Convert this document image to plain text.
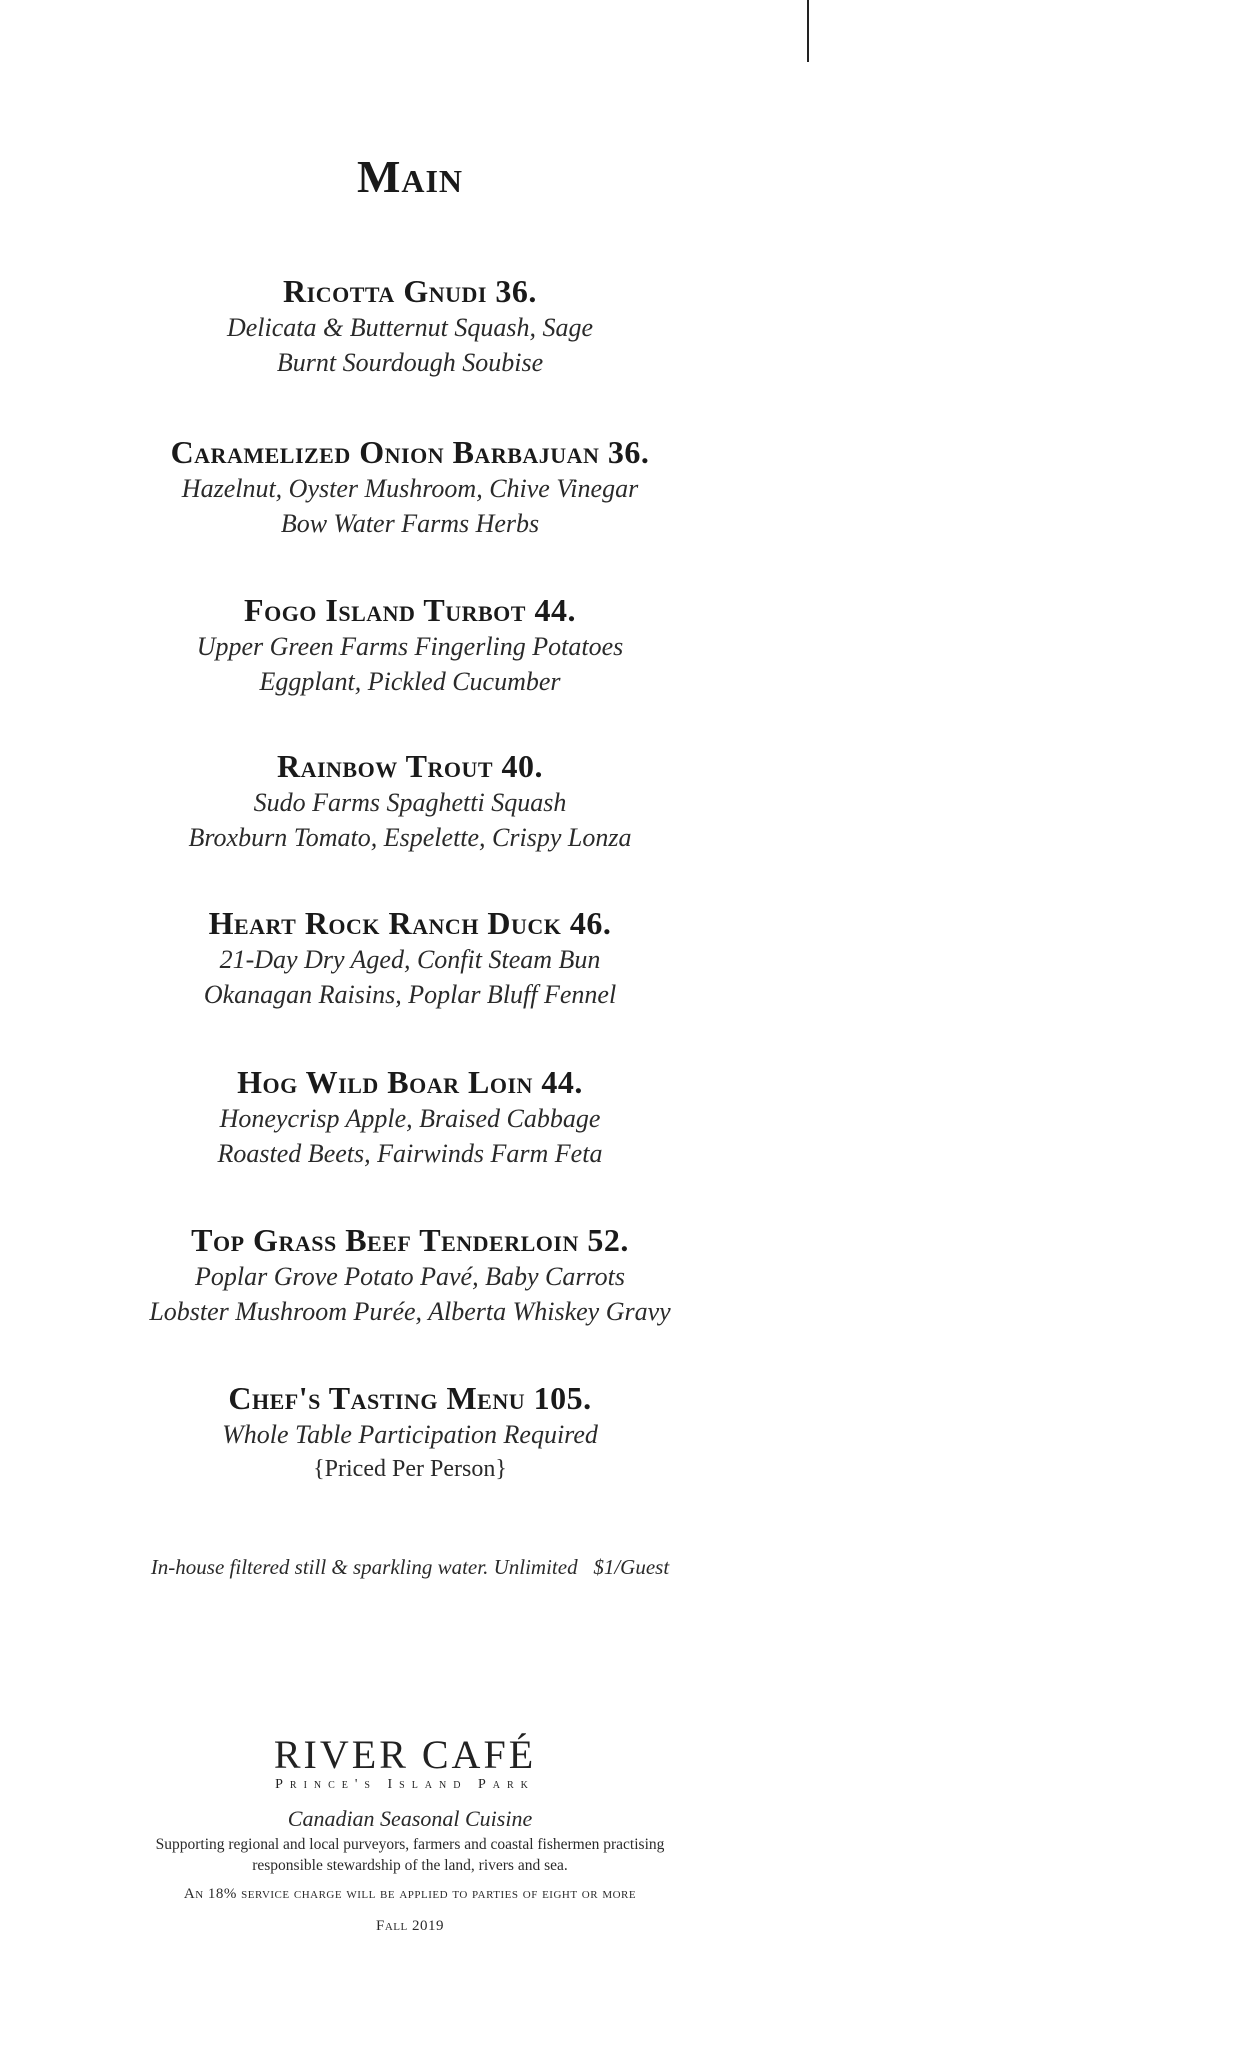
Main
Ricotta Gnudi 36.
Delicata & Butternut Squash, Sage
Burnt Sourdough Soubise
Caramelized Onion Barbajuan 36.
Hazelnut, Oyster Mushroom, Chive Vinegar
Bow Water Farms Herbs
Fogo Island Turbot 44.
Upper Green Farms Fingerling Potatoes
Eggplant, Pickled Cucumber
Rainbow Trout 40.
Sudo Farms Spaghetti Squash
Broxburn Tomato, Espelette, Crispy Lonza
Heart Rock Ranch Duck 46.
21-Day Dry Aged, Confit Steam Bun
Okanagan Raisins, Poplar Bluff Fennel
Hog Wild Boar Loin 44.
Honeycrisp Apple, Braised Cabbage
Roasted Beets, Fairwinds Farm Feta
Top Grass Beef Tenderloin 52.
Poplar Grove Potato Pavé, Baby Carrots
Lobster Mushroom Purée, Alberta Whiskey Gravy
Chef's Tasting Menu 105.
Whole Table Participation Required
{Priced Per Person}
In-house filtered still & sparkling water. Unlimited $1/Guest
RIVER CAFÉ
Prince's Island Park
Canadian Seasonal Cuisine
Supporting regional and local purveyors, farmers and coastal fishermen practising responsible stewardship of the land, rivers and sea.
An 18% service charge will be applied to parties of eight or more
Fall 2019
